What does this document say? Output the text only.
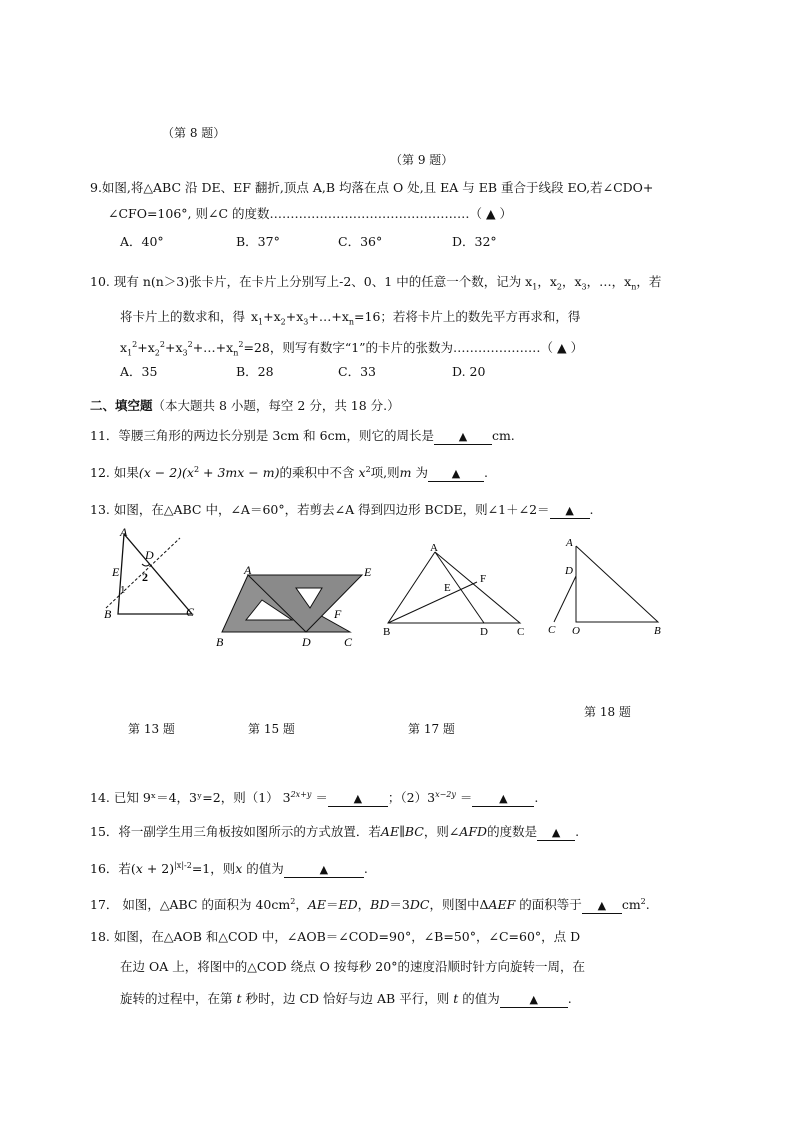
（第 8 题）
（第 9 题）
9.如图,将△ABC 沿 DE、EF 翻折,顶点 A,B 均落在点 O 处,且 EA 与 EB 重合于线段 EO,若∠CDO+
∠CFO=106°, 则∠C 的度数…………………………………………（ ▲ ）
A．40°	B．37°	C．36°	D．32°
10. 现有 n(n＞3)张卡片，在卡片上分别写上-2、0、1 中的任意一个数，记为 $x_1$，$x_2$，$x_3$，…，$x_n$，若
将卡片上的数求和，得 $x_1+x_2+x_3+\dots+x_n=16$；若将卡片上的数先平方再求和，得
$x_1^2+x_2^2+x_3^2+\dots+x_n^2=28$，则写有数字“1”的卡片的张数为…………………（ ▲ ）
A．35	B．28	C．33	D. 20
二、填空题（本大题共 8 小题，每空 2 分，共 18 分.）
11．等腰三角形的两边长分别是 3cm 和 6cm，则它的周长是 ▲ cm.
12. 如果$(x - 2)(x^2 + 3mx - m)$的乘积中不含 $x^2$项,则m 为 ▲ .
13. 如图，在△ABC 中，∠A＝60°，若剪去∠A 得到四边形 BCDE，则∠1＋∠2＝ ▲ .
A
D
E 2
1
B	C
A	E
F
B	D	C
A
E
F
B	D	C
A
D
C O	B
第 18 题
第 13 题	第 15 题	第 17 题
14. 已知 9ˣ＝4，3ʸ=2，则（1） $3^{2x+y}$ ＝ ▲ ；$(2)3^{x-2y}$ ＝ ▲ .
15．将一副学生用三角板按如图所示的方式放置．若AE∥BC，则∠AFD的度数是 ▲ .
16．若$(x + 2)^{|x|-2}=1$，则x 的值为	▲	.
17． 如图，△ABC 的面积为 $40cm^2$，AE＝ED，BD＝3DC，则图中ΔAEF 的面积等于 ▲ $cm^2$.
18. 如图，在△AOB 和△COD 中，∠AOB＝∠COD=90°，∠B=50°，∠C=60°，点 D
在边 OA 上，将图中的△COD 绕点 O 按每秒 20°的速度沿顺时针方向旋转一周，在
旋转的过程中，在第 t 秒时，边 CD 恰好与边 AB 平行，则 t 的值为	▲ .
